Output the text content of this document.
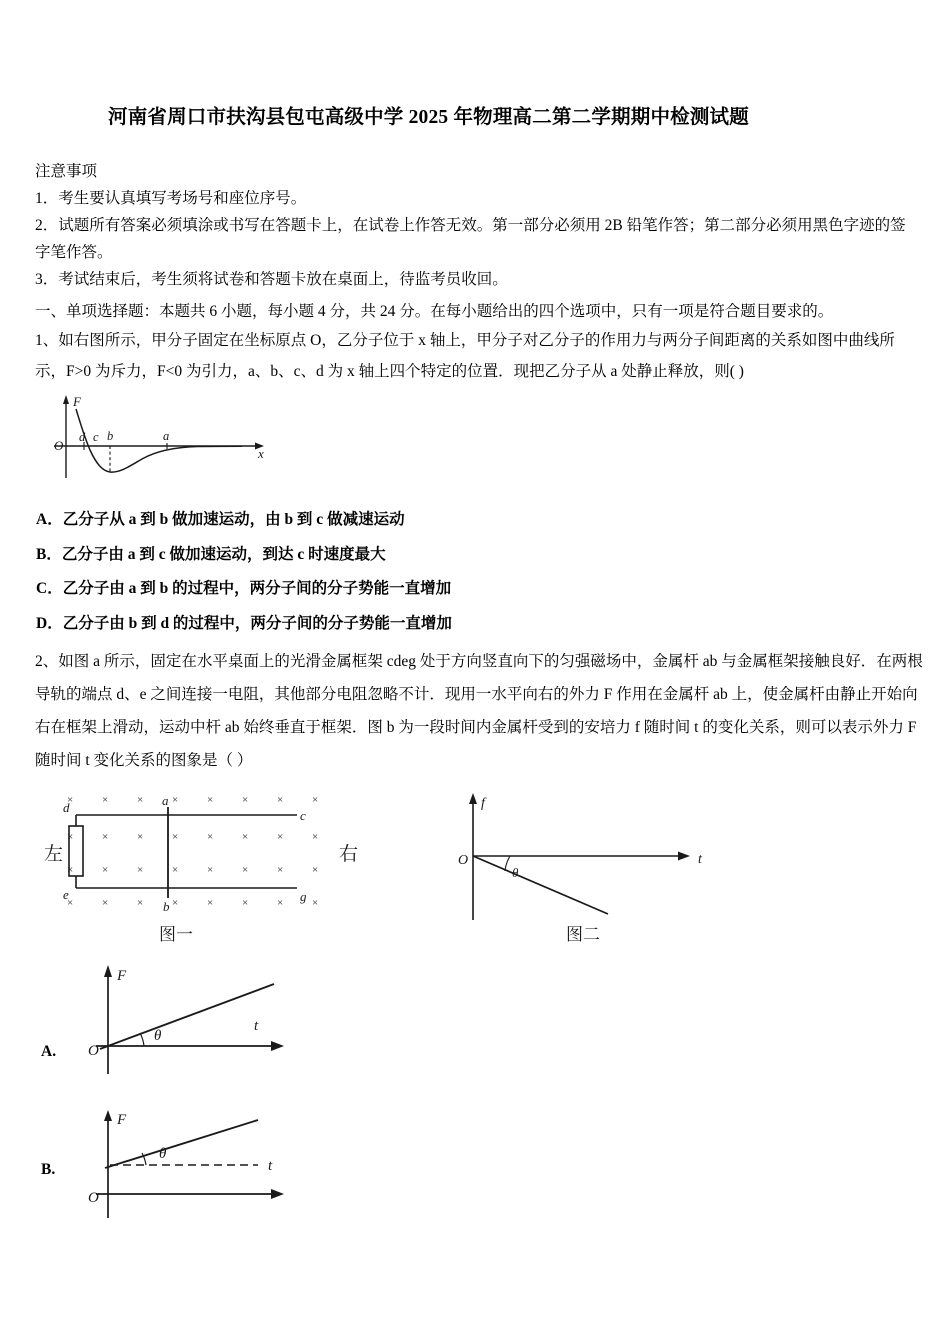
河南省周口市扶沟县包屯高级中学 2025 年物理高二第二学期期中检测试题
注意事项
1．考生要认真填写考场号和座位序号。
2．试题所有答案必须填涂或书写在答题卡上，在试卷上作答无效。第一部分必须用 2B 铅笔作答；第二部分必须用黑色字迹的签字笔作答。
3．考试结束后，考生须将试卷和答题卡放在桌面上，待监考员收回。
一、单项选择题：本题共 6 小题，每小题 4 分，共 24 分。在每小题给出的四个选项中，只有一项是符合题目要求的。
1、如右图所示，甲分子固定在坐标原点 O，乙分子位于 x 轴上，甲分子对乙分子的作用力与两分子间距离的关系如图中曲线所示，F>0 为斥力，F<0 为引力，a、b、c、d 为 x 轴上四个特定的位置．现把乙分子从 a 处静止释放，则( )
O
F
x
d c b	a
A．乙分子从 a 到 b 做加速运动，由 b 到 c 做减速运动
B．乙分子由 a 到 c 做加速运动，到达 c 时速度最大
C．乙分子由 a 到 b 的过程中，两分子间的分子势能一直增加
D．乙分子由 b 到 d 的过程中，两分子间的分子势能一直增加
2、如图 a 所示，固定在水平桌面上的光滑金属框架 cdeg 处于方向竖直向下的匀强磁场中，金属杆 ab 与金属框架接触良好．在两根导轨的端点 d、e 之间连接一电阻，其他部分电阻忽略不计．现用一水平向右的外力 F 作用在金属杆 ab 上，使金属杆由静止开始向右在框架上滑动，运动中杆 ab 始终垂直于框架．图 b 为一段时间内金属杆受到的安培力 f 随时间 t 的变化关系，则可以表示外力 F 随时间 t 变化关系的图象是（ ）
×	×	×	×	×	×	×	×
×	×	×	×	×	×	×	×
×	×	×	×	×	×	×	×
×	×	×	×	×	×	×	×
d	a
c
e
b
g
左	右
图一
O
f
t
θ
图二
A. O
F
t
θ
B.
O
F
t
θ
